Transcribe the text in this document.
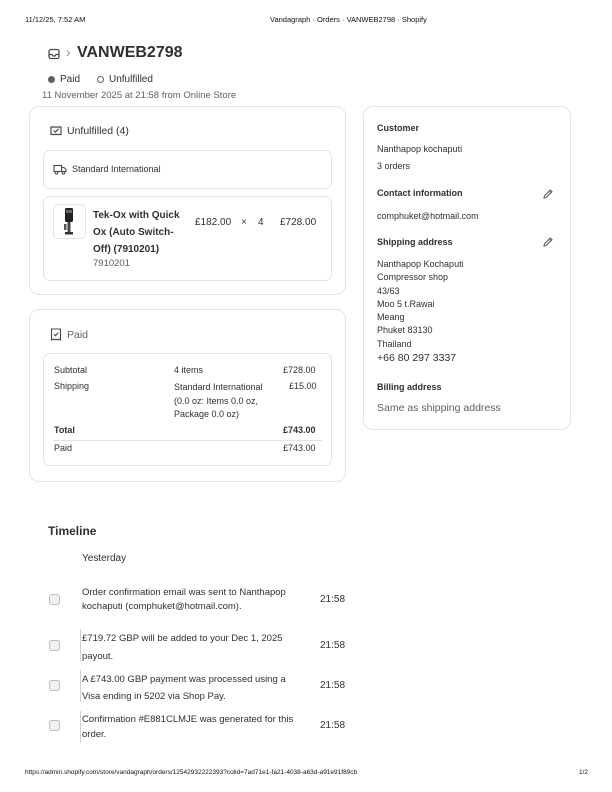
11/12/25, 7:52 AM	Vandagraph · Orders · VANWEB2798 · Shopify
› VANWEB2798
Paid	Unfulfilled
11 November 2025 at 21:58 from Online Store
Unfulfilled (4)
Standard International
Tek-Ox with Quick
Ox (Auto Switch-
Off) (7910201)
7910201
£182.00 × 4 £728.00
Paid
Subtotal	4 items	£728.00
Shipping	Standard International
(0.0 oz: Items 0.0 oz,
Package 0.0 oz)
£15.00
Total	£743.00
Paid	£743.00
Customer
Nanthapop kochaputi
3 orders
Contact information
comphuket@hotmail.com
Shipping address
Nanthapop Kochaputi
Compressor shop
43/63
Moo 5 t.Rawai
Meang
Phuket 83130
Thailand
+66 80 297 3337
Billing address
Same as shipping address
Timeline
Yesterday
Order confirmation email was sent to Nanthapop
kochaputi (comphuket@hotmail.com).
21:58
£719.72 GBP will be added to your Dec 1, 2025
payout.
21:58
A £743.00 GBP payment was processed using a
Visa ending in 5202 via Shop Pay.
21:58
Confirmation #E881CLMJE was generated for this
order.
21:58
https://admin.shopify.com/store/vandagraph/orders/12542932222393?colid=7ad71e1-fa21-4038-a63d-a91e91f89cb	1/2
